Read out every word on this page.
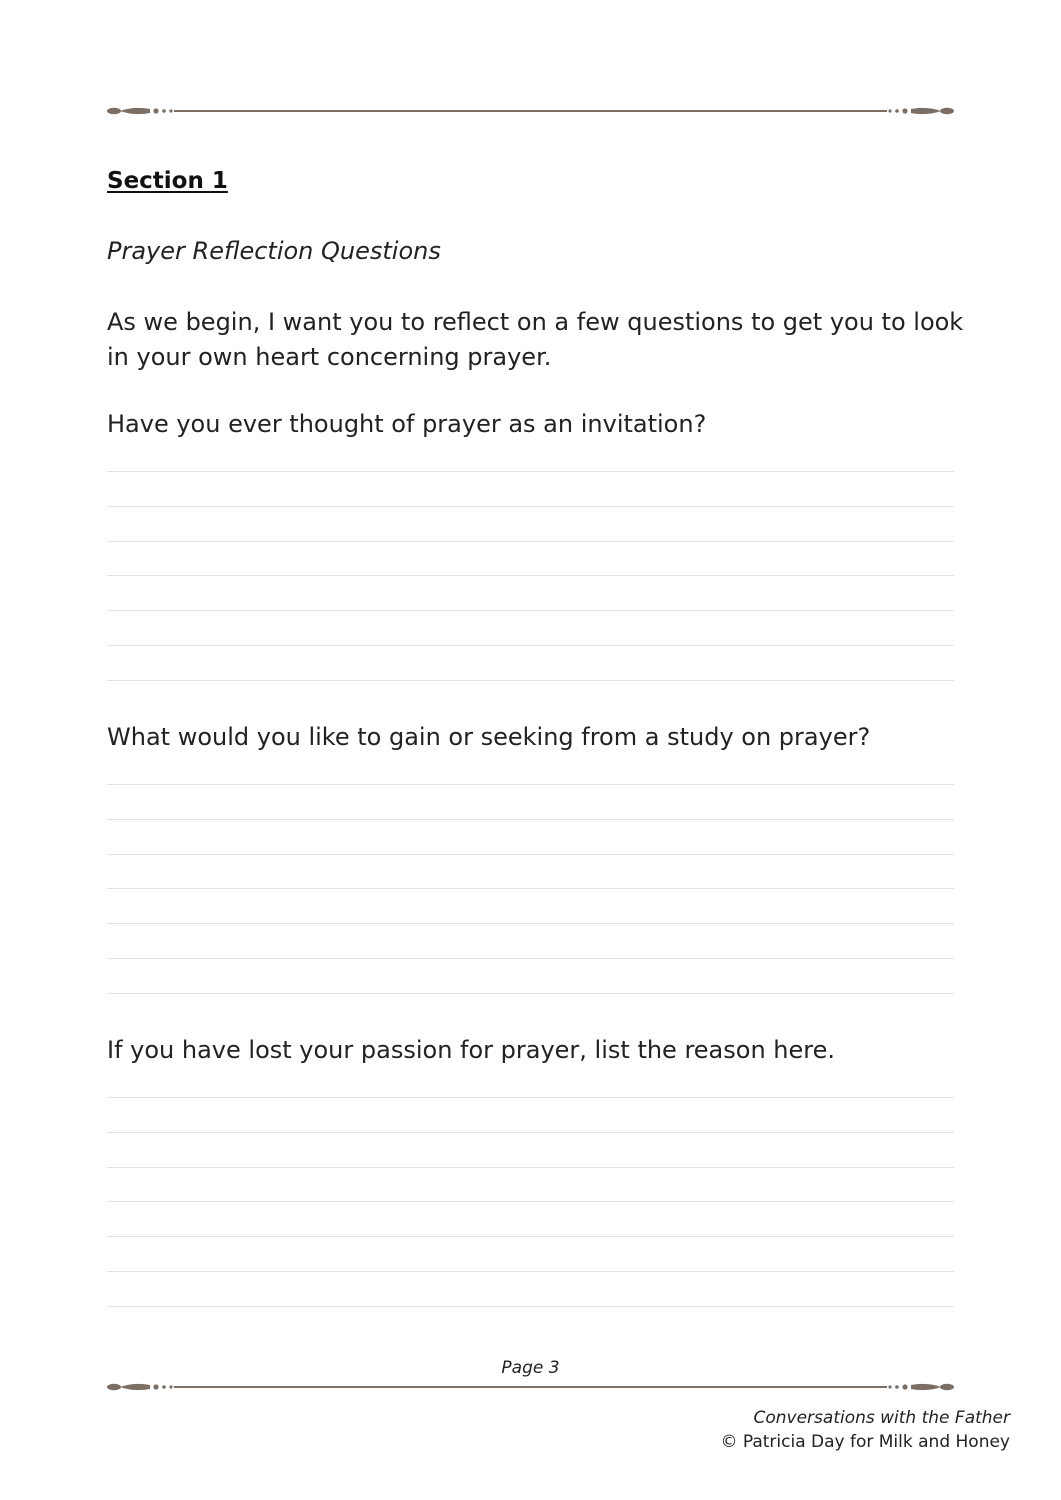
Section 1

Prayer Reflection Questions

As we begin, I want you to reflect on a few questions to get you to look in your own heart concerning prayer.

Have you ever thought of prayer as an invitation?

What would you like to gain or seeking from a study on prayer?

If you have lost your passion for prayer, list the reason here.

Page 3
Conversations with the Father
© Patricia Day for Milk and Honey
